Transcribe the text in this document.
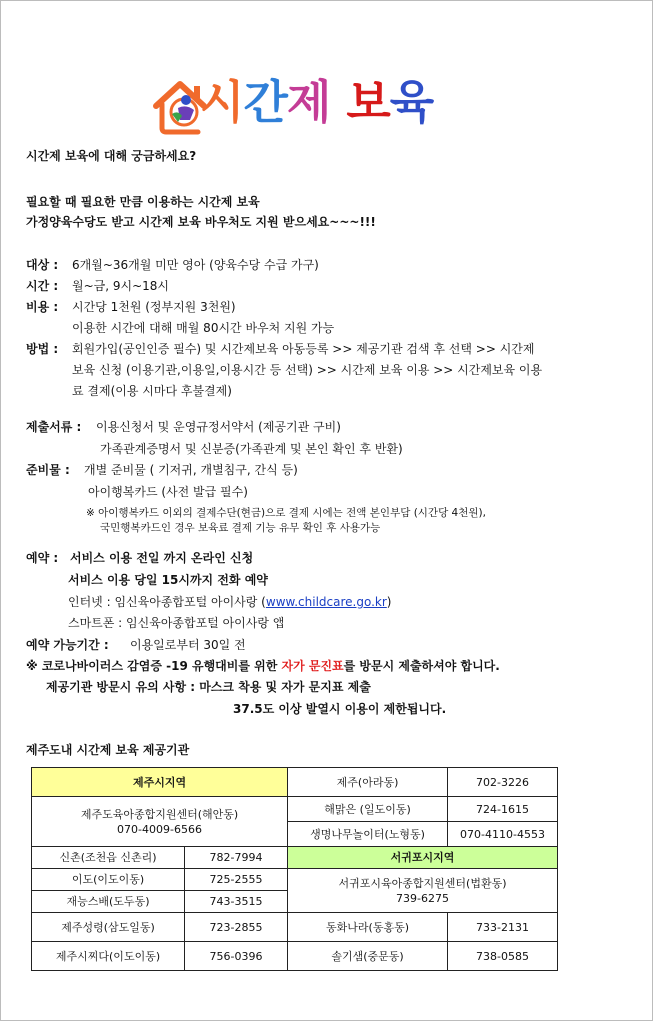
시간제 보육
시간제 보육에 대해 궁금하세요?
필요할 때 필요한 만큼 이용하는 시간제 보육
가정양육수당도 받고 시간제 보육 바우처도 지원 받으세요~~~!!!
대상 : 6개월~36개월 미만 영아 (양육수당 수급 가구)
시간 : 월~금, 9시~18시
비용 : 시간당 1천원 (정부지원 3천원)
이용한 시간에 대해 매월 80시간 바우처 지원 가능
방법 : 회원가입(공인인증 필수) 및 시간제보육 아동등록 >> 제공기관 검색 후 선택 >> 시간제
보육 신청 (이용기관,이용일,이용시간 등 선택) >> 시간제 보육 이용 >> 시간제보육 이용
료 결제(이용 시마다 후불결제)
제출서류 : 이용신청서 및 운영규정서약서 (제공기관 구비)
가족관계증명서 및 신분증(가족관계 및 본인 확인 후 반환)
준비물 : 개별 준비물 ( 기저귀, 개별침구, 간식 등)
아이행복카드 (사전 발급 필수)
※ 아이행복카드 이외의 결제수단(현금)으로 결제 시에는 전액 본인부담 (시간당 4천원),
국민행복카드인 경우 보육료 결제 기능 유무 확인 후 사용가능
예약 : 서비스 이용 전일 까지 온라인 신청
서비스 이용 당일 15시까지 전화 예약
인터넷 : 임신육아종합포털 아이사랑 (www.childcare.go.kr)
스마트폰 : 임신육아종합포털 아이사랑 앱
예약 가능기간 : 이용일로부터 30일 전
※ 코로나바이러스 감염증 -19 유행대비를 위한 자가 문진표를 방문시 제출하셔야 합니다.
제공기관 방문시 유의 사항 : 마스크 착용 및 자가 문지표 제출
37.5도 이상 발열시 이용이 제한됩니다.
제주도내 시간제 보육 제공기관
제주시지역		제주(아라동)	702-3226

제주도육아종합지원센터(해안동)
070-4009-6566		해맑은 (일도이동)	724-1615
		생명나무놀이터(노형동)	070-4110-4553
신촌(조천읍 신촌리)	782-7994	서귀포시지역	
이도(이도이동)	725-2555	서귀포시육아종합지원센터(법환동)
739-6275	

재능스배(도두동)	743-3515		
제주성령(삼도일동)	723-2855	동화나라(동홍동)	733-2131
제주시찌다(이도이동)	756-0396	솔기샘(중문동)	738-0585
